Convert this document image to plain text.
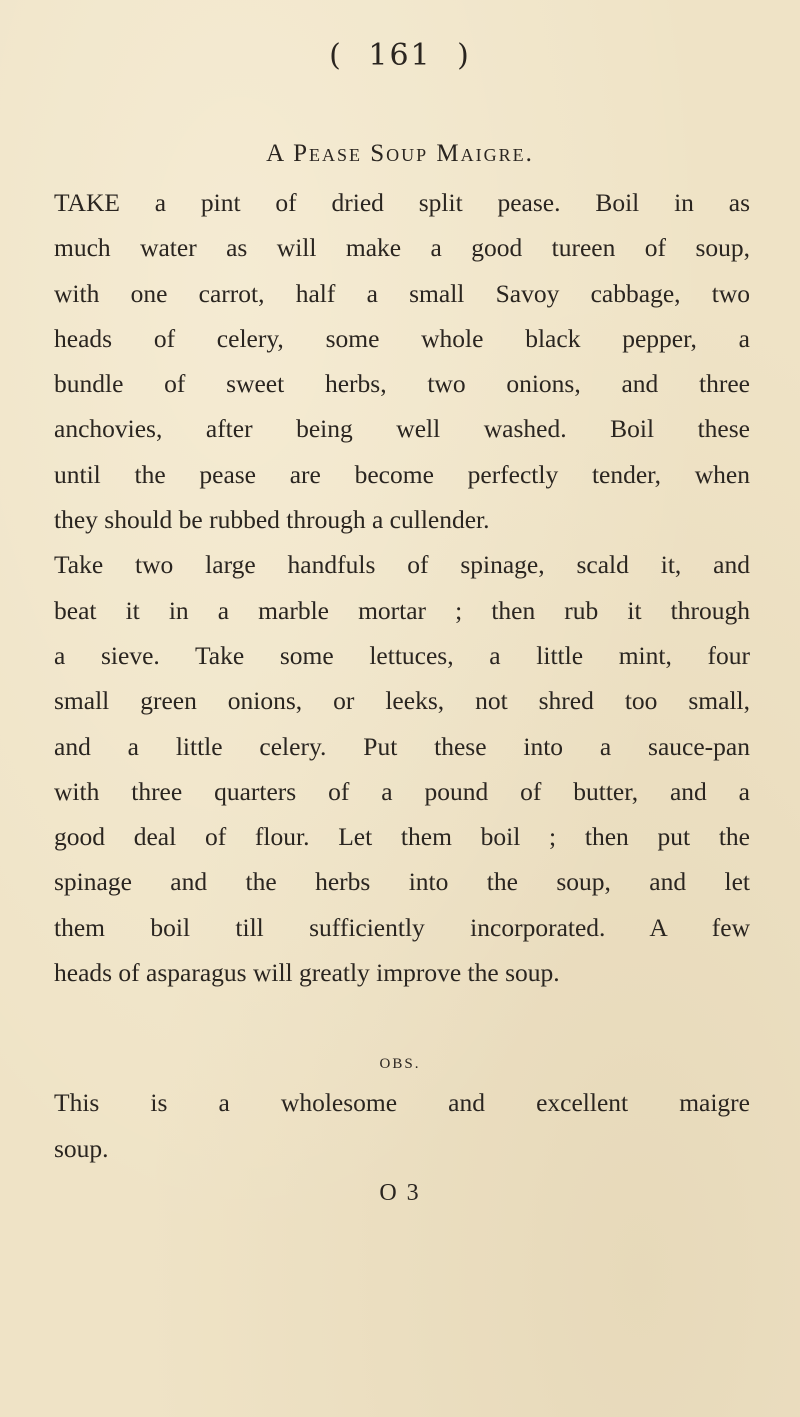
( 161 )
A Pease Soup Maigre.
TAKE a pint of dried split pease. Boil in as
much water as will make a good tureen of soup,
with one carrot, half a small Savoy cabbage, two
heads of celery, some whole black pepper, a
bundle of sweet herbs, two onions, and three
anchovies, after being well washed. Boil these
until the pease are become perfectly tender, when
they should be rubbed through a cullender.
Take two large handfuls of spinage, scald it, and
beat it in a marble mortar ; then rub it through
a sieve. Take some lettuces, a little mint, four
small green onions, or leeks, not shred too small,
and a little celery. Put these into a sauce-pan
with three quarters of a pound of butter, and a
good deal of flour. Let them boil ; then put the
spinage and the herbs into the soup, and let
them boil till sufficiently incorporated. A few
heads of asparagus will greatly improve the soup.
OBS.
This is a wholesome and excellent maigre
soup.
O 3
